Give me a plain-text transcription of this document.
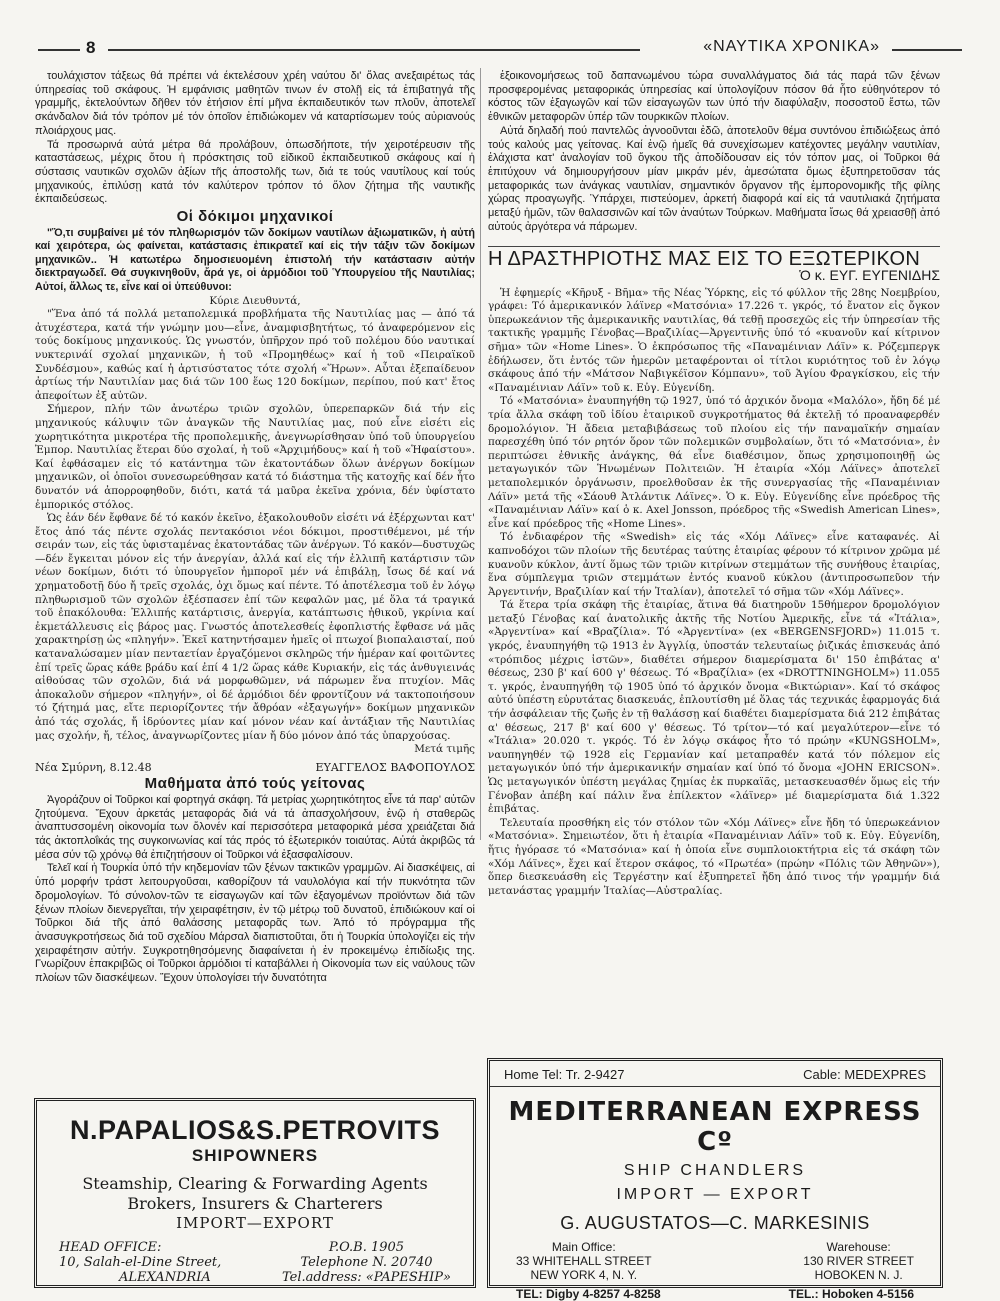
8	«ΝΑΥΤΙΚΑ ΧΡΟΝΙΚΑ»

τουλάχιστον τάξεως θά πρέπει νά έκτελέσουν χρέη ναύτου δι' ὅλας ανεξαιρέτως τάς ύπηρεσίας τοῦ σκάφους. Ἡ εμφάνισις μαθητῶν τινων έν στολῇ εἰς τά ἐπιβατηγά τῆς γραμμῆς, ἐκτελούντων δῆθεν τόν ἐτήσιον ἐπί μῆνα ἐκπαιδευτικόν των πλοῦν, ἀποτελεῖ σκάνδαλον διά τόν τρόπον μέ τόν ὁποῖον ἐπιδιώκομεν νά καταρτίσωμεν τούς αὐριανούς πλοιάρχους μας.

Τά προσωρινά αὐτά μέτρα θά προλάβουν, ὁπωσδήποτε, τήν χειροτέρευσιν τῆς καταστάσεως, μέχρις ὅτου ἡ πρόσκτησις τοῦ εἰδικοῦ ἐκπαιδευτικοῦ σκάφους καί ἡ σύστασις ναυτικῶν σχολῶν ἀξίων τῆς ἀποστολῆς των, διά τε τούς ναυτίλους καί τούς μηχανικούς, ἐπιλύσῃ κατά τόν καλύτερον τρόπον τό ὅλον ζήτημα τῆς ναυτικῆς ἐκπαιδεύσεως.

Οἱ δόκιμοι μηχανικοί

"Ὅ,τι συμβαίνει μέ τόν πληθωρισμόν τῶν δοκίμων ναυτίλων ἀξιωματικῶν, ἡ αὐτή καί χειρότερα, ὡς φαίνεται, κατάστασις ἐπικρατεῖ καί εἰς τήν τάξιν τῶν δοκίμων μηχανικῶν.. Ἡ κατωτέρω δημοσιευομένη ἐπιστολή τήν κατάστασιν αὐτήν διεκτραγωδεῖ. Θά συγκινηθοῦν, ἄρά γε, οἱ ἁρμόδιοι τοῦ Ὑπουργείου τῆς Ναυτιλίας; Αὐτοί, ἄλλως τε, εἶνε καί οἱ ὑπεύθυνοι:

Κύριε Διευθυντά,

"Ἕνα ἀπό τά πολλά μεταπολεμικά προβλήματα τῆς Ναυτιλίας μας — ἀπό τά ἀτυχέστερα, κατά τήν γνώμην μου—εἶνε, ἀναμφισβητήτως, τό ἀναφερόμενον εἰς τούς δοκίμους μηχανικούς. Ὡς γνωστόν, ὑπῆρχον πρό τοῦ πολέμου δύο ναυτικαί νυκτερινάί σχολαί μηχανικῶν, ἡ τοῦ «Προμηθέως» καί ἡ τοῦ «Πειραϊκοῦ Συνδέσμου», καθώς καί ἡ ἀρτισύστατος τότε σχολή «Ἥρων». Αὗται ἐξεπαίδευον ἀρτίως τήν Ναυτιλίαν μας διά τῶν 100 ἕως 120 δοκίμων, περίπου, πού κατ' ἔτος ἀπεφοίτων ἐξ αὐτῶν.

Σήμερον, πλήν τῶν ἀνωτέρω τριῶν σχολῶν, ὑπερεπαρκῶν διά τήν εἰς μηχανικούς κάλυψιν τῶν ἀναγκῶν τῆς Ναυτιλίας μας, πού εἶνε εἰσέτι εἰς χωρητικότητα μικροτέρα τῆς προπολεμικῆς, ἀνεγνωρίσθησαν ὑπό τοῦ ὑπουργείου Ἐμπορ. Ναυτιλίας ἕτεραι δύο σχολαί, ἡ τοῦ «Ἀρχιμήδους» καί ἡ τοῦ «Ἡφαίστου». Καί ἐφθάσαμεν εἰς τό κατάντημα τῶν ἑκατοντάδων ὅλων ἀνέργων δοκίμων μηχανικῶν, οἱ ὁποῖοι συνεσωρεύθησαν κατά τό διάστημα τῆς κατοχῆς καί δέν ἦτο δυνατόν νά ἀπορροφηθοῦν, διότι, κατά τά μαῦρα ἐκεῖνα χρόνια, δέν ὑφίστατο ἐμπορικός στόλος.

Ὡς ἐάν δέν ἔφθανε δέ τό κακόν ἐκεῖνο, ἐξακολουθοῦν εἰσέτι νά ἐξέρχωνται κατ' ἔτος ἀπό τάς πέντε σχολάς πεντακόσιοι νέοι δόκιμοι, προστιθέμενοι, μέ τήν σειράν των, εἰς τάς ὑφισταμένας ἑκατοντάδας τῶν ἀνέργων. Τό κακόν—δυστυχῶς—δέν ἔγκειται μόνον εἰς τήν ἀνεργίαν, ἀλλά καί εἰς τήν ἐλλιπῆ κατάρτισιν τῶν νέων δοκίμων, διότι τό ὑπουργεῖον ἠμποροῖ μέν νά ἐπιβάλῃ, ἴσως δέ καί νά χρηματοδοτῇ δύο ἤ τρεῖς σχολάς, ὀχι ὅμως καί πέντε. Τό ἀποτέλεσμα τοῦ ἐν λόγῳ πληθωρισμοῦ τῶν σχολῶν ἐξέσπασεν ἐπί τῶν κεφαλῶν μας, μέ ὅλα τά τραγικά τοῦ ἐπακόλουθα: Ἐλλιπής κατάρτισις, ἀνεργία, κατάπτωσις ἠθικοῦ, γκρίνια καί ἐκμετάλλευσις εἰς βάρος μας. Γνωστός ἀποτελεσθείς ἐφοπλιστής ἔφθασε νά μᾶς χαρακτηρίσῃ ὡς «πληγήν». Ἐκεῖ κατηντήσαμεν ἡμεῖς οἱ πτωχοί βιοπαλαισταί, πού καταναλώσαμεν μίαν πενταετίαν ἐργαζόμενοι σκληρῶς τήν ἡμέραν καί φοιτῶντες ἐπί τρεῖς ὥρας κάθε βράδυ καί ἐπί 4 1/2 ὥρας κάθε Κυριακήν, εἰς τάς ἀνθυγιεινάς αἰθούσας τῶν σχολῶν, διά νά μορφωθῶμεν, νά πάρωμεν ἕνα πτυχίον. Μᾶς ἀποκαλοῦν σήμερον «πληγήν», οἱ δέ ἁρμόδιοι δέν φροντίζουν νά τακτοποιήσουν τό ζήτημά μας, εἴτε περιορίζοντες τήν ἄθρόαν «ἐξαγωγήν» δοκίμων μηχανικῶν ἀπό τάς σχολάς, ἤ ἱδρύοντες μίαν καί μόνον νέαν καί ἀντάξιαν τῆς Ναυτιλίας μας σχολήν, ἤ, τέλος, ἀναγνωρίζοντες μίαν ἤ δύο μόνον ἀπό τάς ὑπαρχούσας.

Μετά τιμῆς

Νέα Σμύρνη, 8.12.48	ΕΥΑΓΓΕΛΟΣ ΒΑΦΟΠΟΥΛΟΣ
Μαθήματα ἀπό τούς γείτονας

Ἀγοράζουν οἱ Τοῦρκοι καί φορτηγά σκάφη. Τά μετρίας χωρητικότητος εἶνε τά παρ' αὐτῶν ζητούμενα. Ἔχουν ἀρκετάς μεταφοράς διά νά τά ἀπασχολήσουν, ἐνῷ ἡ σταθερῶς ἀναπτυσσομένη οἰκονομία των ὅλονέν καί περισσότερα μεταφορικά μέσα χρειάζεται διά τάς ἀκτοπλοΐκάς της συγκοινωνίας καί τάς πρός τό ἐξωτερικόν τοιαύτας. Αὐτά ἀκριβῶς τά μέσα σύν τῷ χρόνῳ θά ἐπιζητήσουν οἱ Τοῦρκοι νά ἐξασφαλίσουν.

Τελεῖ καί ἡ Τουρκία ὑπό τήν κηδεμονίαν τῶν ξένων τακτικῶν γραμμῶν. Αἱ διασκέψεις, αἱ ὑπό μορφήν τράστ λειτουργοῦσαι, καθορίζουν τά ναυλολόγια καί τήν πυκνότητα τῶν δρομολογίων. Τό σύνολον-τῶν τε εἰσαγωγῶν καί τῶν ἐξαγομένων προϊόντων διά τῶν ξένων πλοίων διενεργεῖται, τήν χειραφέτησιν, ἐν τῷ μέτρῳ τοῦ δυνατοῦ, ἐπιδιώκουν καί οἱ Τοῦρκοι διά τῆς ἀπό θαλάσσης μεταφορᾶς των. Ἀπό τό πρόγραμμα τῆς ἀνασυγκροτήσεως διά τοῦ σχεδίου Μάρσαλ διαπιστοῦται, ὅτι ἡ Τουρκία ὑπολογίζει εἰς τήν χειραφέτησιν αὐτήν. Συγκροτηθησόμενης διαφαίνεται ἡ ἐν προκειμένῳ ἐπιδίωξις της. Γνωρίζουν ἐπακριβῶς οἱ Τοῦρκοι ἁρμόδιοι τί καταβάλλει ἡ Οἰκονομία των εἰς ναύλους τῶν πλοίων τῶν διασκέψεων. Ἔχουν ὑπολογίσει τήν δυνατότητα

ἐξοικονομήσεως τοῦ δαπανωμένου τώρα συναλλάγματος διά τάς παρά τῶν ξένων προσφερομένας μεταφορικάς ὑπηρεσίας καί ὑπολογίζουν πόσον θά ἦτο εὐθηνότερον τό κόστος τῶν ἐξαγωγῶν καί τῶν εἰσαγωγῶν των ὑπό τήν διαφύλαξιν, ποσοστοῦ ἔστω, τῶν ἐθνικῶν μεταφορῶν ὑπέρ τῶν τουρκικῶν πλοίων.

Αὐτά δηλαδή πού παντελῶς ἀγνοοῦνται ἐδῶ, ἀποτελοῦν θέμα συντόνου ἐπιδιώξεως ἀπό τούς καλούς μας γείτονας. Καί ἐνῷ ἡμεῖς θά συνεχίσωμεν κατέχοντες μεγάλην ναυτιλίαν, ἐλάχιστα κατ' ἀναλογίαν τοῦ ὄγκου τῆς ἀποδίδουσαν εἰς τόν τόπον μας, οἱ Τοῦρκοι θά ἐπιτύχουν νά δημιουργήσουν μίαν μικράν μέν, ἀμεσώτατα ὅμως ἐξυπηρετοῦσαν τάς μεταφορικάς των ἀνάγκας ναυτιλίαν, σημαντικόν ὄργανον τῆς ἐμπορονομικῆς τῆς φίλης χώρας προαγωγῆς. Ὑπάρχει, πιστεύομεν, ἀρκετή διαφορά καί εἰς τά ναυτιλιακά ζητήματα μεταξύ ἡμῶν, τῶν θαλασσινῶν καί τῶν ἀναύτων Τούρκων. Μαθήματα ἴσως θά χρειασθῇ ἀπό αὐτούς ἀργότερα νά πάρωμεν.

Η ΔΡΑΣΤΗΡΙΟΤΗΣ ΜΑΣ ΕΙΣ ΤΟ ΕΞΩΤΕΡΙΚΟΝ
Ὁ κ. ΕΥΓ. ΕΥΓΕΝΙΔΗΣ

Ἡ ἐφημερίς «Κῆρυξ - Βῆμα» τῆς Νέας Ὑόρκης, εἰς τό φύλλον τῆς 28ης Νοεμβρίου, γράφει: Τό ἀμερικανικόν λάϊνερ «Ματσόνια» 17.226 τ. γκρός, τό ἔνατον εἰς ὄγκον ὑπερωκεάνιον τῆς ἀμερικανικῆς ναυτιλίας, θά τεθῇ προσεχῶς εἰς τήν ὑπηρεσίαν τῆς τακτικῆς γραμμῆς Γένοβας—Βραζιλίας—Ἀργεντινῆς ὑπό τό «κυανοῦν καί κίτρινον σῆμα» τῶν «Home Lines». Ὁ ἐκπρόσωπος τῆς «Παναμέινιαν Λάϊν» κ. Ρόζεμπεργκ ἐδήλωσεν, ὅτι ἐντός τῶν ἡμερῶν μεταφέρονται οἱ τίτλοι κυριότητος τοῦ ἐν λόγῳ σκάφους ἀπό τήν «Μάτσον Ναβιγκέϊσον Κόμπανυ», τοῦ Ἁγίου Φραγκίσκου, εἰς τήν «Παναμέινιαν Λάϊν» τοῦ κ. Εὐγ. Εὐγενίδη.

Τό «Ματσόνια» ἐναυπηγήθη τῷ 1927, ὑπό τό ἀρχικόν ὄνομα «Μαλόλο», ἤδη δέ μέ τρία ἄλλα σκάφη τοῦ ἰδίου ἑταιρικοῦ συγκροτήματος θά ἐκτελῇ τό προαναφερθέν δρομολόγιον. Ἡ ἄδεια μεταβιβάσεως τοῦ πλοίου εἰς τήν παναμαϊκήν σημαίαν παρεσχέθη ὑπό τόν ρητόν ὅρον τῶν πολεμικῶν συμβολαίων, ὅτι τό «Ματσόνια», ἐν περιπτώσει ἐθνικῆς ἀνάγκης, θά εἶνε διαθέσιμον, ὅπως χρησιμοποιηθῇ ὡς μεταγωγικόν τῶν Ἡνωμένων Πολιτειῶν. Ἡ ἑταιρία «Χόμ Λάϊνες» ἀποτελεῖ μεταπολεμικόν ὀργάνωσιν, προελθοῦσαν ἐκ τῆς συνεργασίας τῆς «Παναμέινιαν Λάϊν» μετά τῆς «Σάουθ Ἀτλάντικ Λάϊνες». Ὁ κ. Εὐγ. Εὐγενίδης εἶνε πρόεδρος τῆς «Παναμέινιαν Λάϊν» καί ὁ κ. Axel Jonsson, πρόεδρος τῆς «Swedish American Lines», εἶνε καί πρόεδρος τῆς «Home Lines».

Τό ἐνδιαφέρον τῆς «Swedish» εἰς τάς «Χόμ Λάϊνες» εἶνε καταφανές. Αἱ καπνοδόχοι τῶν πλοίων τῆς δευτέρας ταύτης ἑταιρίας φέρουν τό κίτρινον χρῶμα μέ κυανοῦν κύκλον, ἀντί ὅμως τῶν τριῶν κιτρίνων στεμμάτων τῆς συνήθους ἑταιρίας, ἕνα σύμπλεγμα τριῶν στεμμάτων ἐντός κυανοῦ κύκλου (ἀντιπροσωπεῦον τήν Ἀργεντινήν, Βραζιλίαν καί τήν Ἰταλίαν), ἀποτελεῖ τό σῆμα τῶν «Χόμ Λάϊνες».

Τά ἕτερα τρία σκάφη τῆς ἑταιρίας, ἅτινα θά διατηροῦν 15θήμερον δρομολόγιον μεταξύ Γένοβας καί ἀνατολικῆς ἀκτῆς τῆς Νοτίου Ἀμερικῆς, εἶνε τά «Ἰτάλια», «Ἀργεντίνα» καί «Βραζίλια». Τό «Ἀργεντίνα» (ex «BERGENSFJORD») 11.015 τ. γκρός, ἐναυπηγήθη τῷ 1913 ἐν Ἀγγλίᾳ, ὑποστάν τελευταίως ῥιζικάς ἐπισκευάς ἀπό «τρόπιδος μέχρις ἱστῶν», διαθέτει σήμερον διαμερίσματα δι' 150 ἐπιβάτας α' θέσεως, 230 β' καί 600 γ' θέσεως. Τό «Βραζίλια» (ex «DROTTNINGHOLM») 11.055 τ. γκρός, ἐναυπηγήθη τῷ 1905 ὑπό τό ἀρχικόν ὄνομα «Βικτώριαν». Καί τό σκάφος αὐτό ὑπέστη εὐρυτάτας διασκευάς, ἐπλουτίσθη μέ ὅλας τάς τεχνικάς ἐφαρμογάς διά τήν ἀσφάλειαν τῆς ζωῆς ἐν τῇ θαλάσσῃ καί διαθέτει διαμερίσματα διά 212 ἐπιβάτας α' θέσεως, 217 β' καί 600 γ' θέσεως. Τό τρίτον—τό καί μεγαλύτερον—εἶνε τό «Ἰτάλια» 20.020 τ. γκρός. Τό ἐν λόγῳ σκάφος ἦτο τό πρώην «KUNGSHOLM», ναυπηγηθέν τῷ 1928 εἰς Γερμανίαν καί μεταπραθέν κατά τόν πόλεμον εἰς μεταγωγικόν ὑπό τήν ἀμερικανικήν σημαίαν καί ὑπό τό ὄνομα «JOHN ERICSON». Ὡς μεταγωγικόν ὑπέστη μεγάλας ζημίας ἐκ πυρκαϊᾶς, μετασκευασθέν ὅμως εἰς τήν Γένοβαν ἀπέβη καί πάλιν ἕνα ἐπίλεκτον «λάϊνερ» μέ διαμερίσματα διά 1.322 ἐπιβάτας.

Τελευταία προσθήκη εἰς τόν στόλον τῶν «Χόμ Λάϊνες» εἶνε ἤδη τό ὑπερωκεάνιον «Ματσόνια». Σημειωτέον, ὅτι ἡ ἑταιρία «Παναμέινιαν Λάϊν» τοῦ κ. Εὐγ. Εὐγενίδη, ἥτις ἠγόρασε τό «Ματσόνια» καί ἡ ὁποία εἶνε συμπλοιοκτήτρια εἰς τά σκάφη τῶν «Χόμ Λάϊνες», ἔχει καί ἕτερον σκάφος, τό «Πρωτέα» (πρώην «Πόλις τῶν Ἀθηνῶν»), ὅπερ διεσκευάσθη εἰς Τεργέστην καί ἐξυπηρετεῖ ἤδη ἀπό τινος τήν γραμμήν διά μετανάστας γραμμήν Ἰταλίας—Αὐστραλίας.

N.PAPALIOS&S.PETROVITS
SHIPOWNERS
Steamship, Clearing & Forwarding Agents
Brokers, Insurers & Charterers
IMPORT—EXPORT
HEAD OFFICE:
10, Salah-el-Dine Street,
ALEXANDRIA
P.O.B. 1905
Telephone N. 20740
Tel.address: «PAPESHIP»
Home Tel: Tr. 2-9427	Cable: MEDEXPRES
MEDITERRANEAN EXPRESS Cº
SHIP CHANDLERS
IMPORT — EXPORT
G. AUGUSTATOS—C. MARKESINIS
Main Office:
33 WHITEHALL STREET
NEW YORK 4, N. Y.
Warehouse:
130 RIVER STREET
HOBOKEN N. J.
TEL: Digby 4-8257 4-8258	TEL.: Hoboken 4-5156
